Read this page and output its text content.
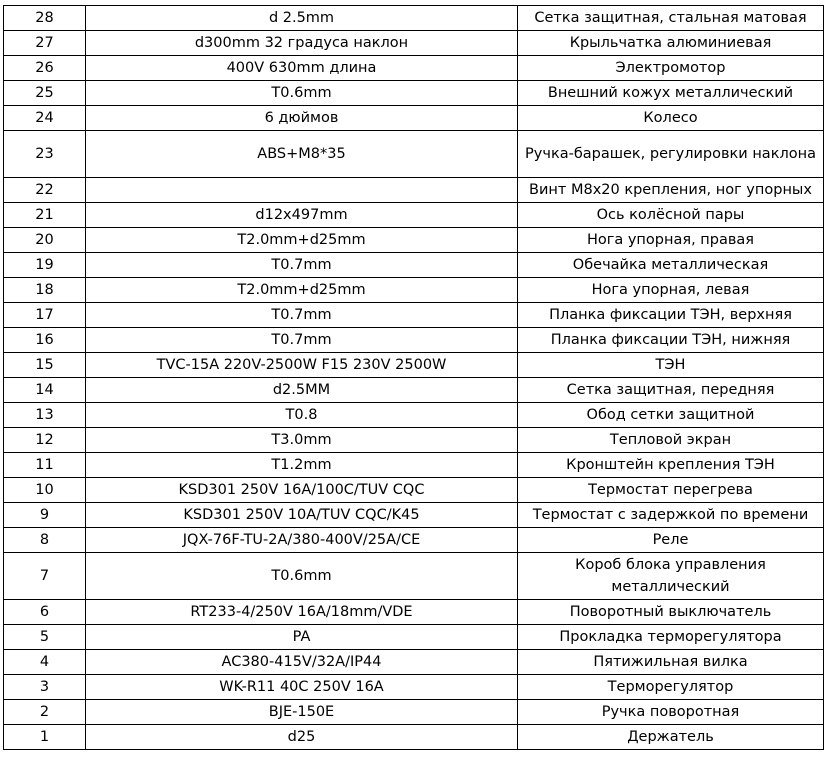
28	d 2.5mm	Сетка защитная, стальная матовая
27	d300mm 32 градуса наклон	Крыльчатка алюминиевая
26	400V 630mm длина	Электромотор
25	T0.6mm	Внешний кожух металлический
24	6 дюймов	Колесо
23	ABS+M8*35	Ручка-барашек, регулировки наклона
22		Винт M8x20 крепления, ног упорных
21	d12x497mm	Ось колёсной пары
20	T2.0mm+d25mm	Нога упорная, правая
19	T0.7mm	Обечайка металлическая
18	T2.0mm+d25mm	Нога упорная, левая
17	T0.7mm	Планка фиксации ТЭН, верхняя
16	T0.7mm	Планка фиксации ТЭН, нижняя
15	TVC-15A 220V-2500W F15 230V 2500W	ТЭН
14	d2.5MM	Сетка защитная, передняя
13	T0.8	Обод сетки защитной
12	T3.0mm	Тепловой экран
11	T1.2mm	Кронштейн крепления ТЭН
10	KSD301 250V 16A/100C/TUV CQC	Термостат перегрева
9	KSD301 250V 10A/TUV CQC/K45	Термостат с задержкой по времени
8	JQX-76F-TU-2A/380-400V/25A/CE	Реле
7	T0.6mm	Короб блока управления металлический
6	RT233-4/250V 16A/18mm/VDE	Поворотный выключатель
5	PA	Прокладка терморегулятора
4	AC380-415V/32A/IP44	Пятижильная вилка
3	WK-R11 40C 250V 16A	Терморегулятор
2	BJE-150E	Ручка поворотная
1	d25	Держатель
